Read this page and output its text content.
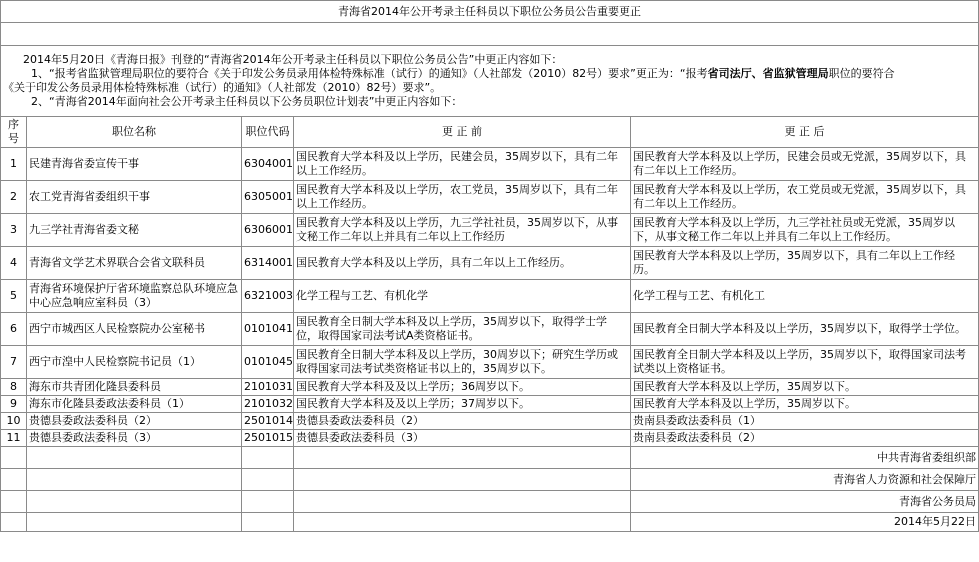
青海省2014年公开考录主任科员以下职位公务员公告重要更正				

2014年5月20日《青海日报》刊登的“青海省2014年公开考录主任科员以下职位公务员公告”中更正内容如下：

1、“报考省监狱管理局职位的要符合《关于印发公务员录用体检特殊标准（试行）的通知》（人社部发（2010）82号）要求”更正为：“报考省司法厅、省监狱管理局职位的要符合

《关于印发公务员录用体检特殊标准（试行）的通知》（人社部发（2010）82号）要求”。

2、“青海省2014年面向社会公开考录主任科员以下公务员职位计划表”中更正内容如下：				

序号	职位名称	职位代码	更 正 前	更 正 后
1	民建青海省委宣传干事	6304001	国民教育大学本科及以上学历，民建会员，35周岁以下，具有二年以上工作经历。	国民教育大学本科及以上学历，民建会员或无党派，35周岁以下，具有二年以上工作经历。
2	农工党青海省委组织干事	6305001	国民教育大学本科及以上学历，农工党员，35周岁以下，具有二年以上工作经历。	国民教育大学本科及以上学历，农工党员或无党派，35周岁以下，具有二年以上工作经历。
3	九三学社青海省委文秘	6306001	国民教育大学本科及以上学历，九三学社社员，35周岁以下，从事文秘工作二年以上并具有二年以上工作经历	国民教育大学本科及以上学历，九三学社社员或无党派，35周岁以下，从事文秘工作二年以上并具有二年以上工作经历。
4	青海省文学艺术界联合会省文联科员	6314001	国民教育大学本科及以上学历，具有二年以上工作经历。	国民教育大学本科及以上学历，35周岁以下，具有二年以上工作经历。
5	青海省环境保护厅省环境监察总队环境应急中心应急响应室科员（3）	6321003	化学工程与工艺、有机化学	化学工程与工艺、有机化工
6	西宁市城西区人民检察院办公室秘书	0101041	国民教育全日制大学本科及以上学历，35周岁以下，取得学士学位，取得国家司法考试A类资格证书。	国民教育全日制大学本科及以上学历，35周岁以下，取得学士学位。
7	西宁市湟中人民检察院书记员（1）	0101045	国民教育全日制大学本科及以上学历，30周岁以下；研究生学历或取得国家司法考试类资格证书以上的，35周岁以下。	国民教育全日制大学本科及以上学历，35周岁以下，取得国家司法考试类以上资格证书。
8	海东市共青团化隆县委科员	2101031	国民教育大学本科及及以上学历；36周岁以下。	国民教育大学本科及以上学历，35周岁以下。
9	海东市化隆县委政法委科员（1）	2101032	国民教育大学本科及及以上学历；37周岁以下。	国民教育大学本科及以上学历，35周岁以下。
10	贵德县委政法委科员（2）	2501014	贵德县委政法委科员（2）	贵南县委政法委科员（1）
11	贵德县委政法委科员（3）	2501015	贵德县委政法委科员（3）	贵南县委政法委科员（2）
				中共青海省委组织部
				青海省人力资源和社会保障厅
				青海省公务员局
				2014年5月22日
